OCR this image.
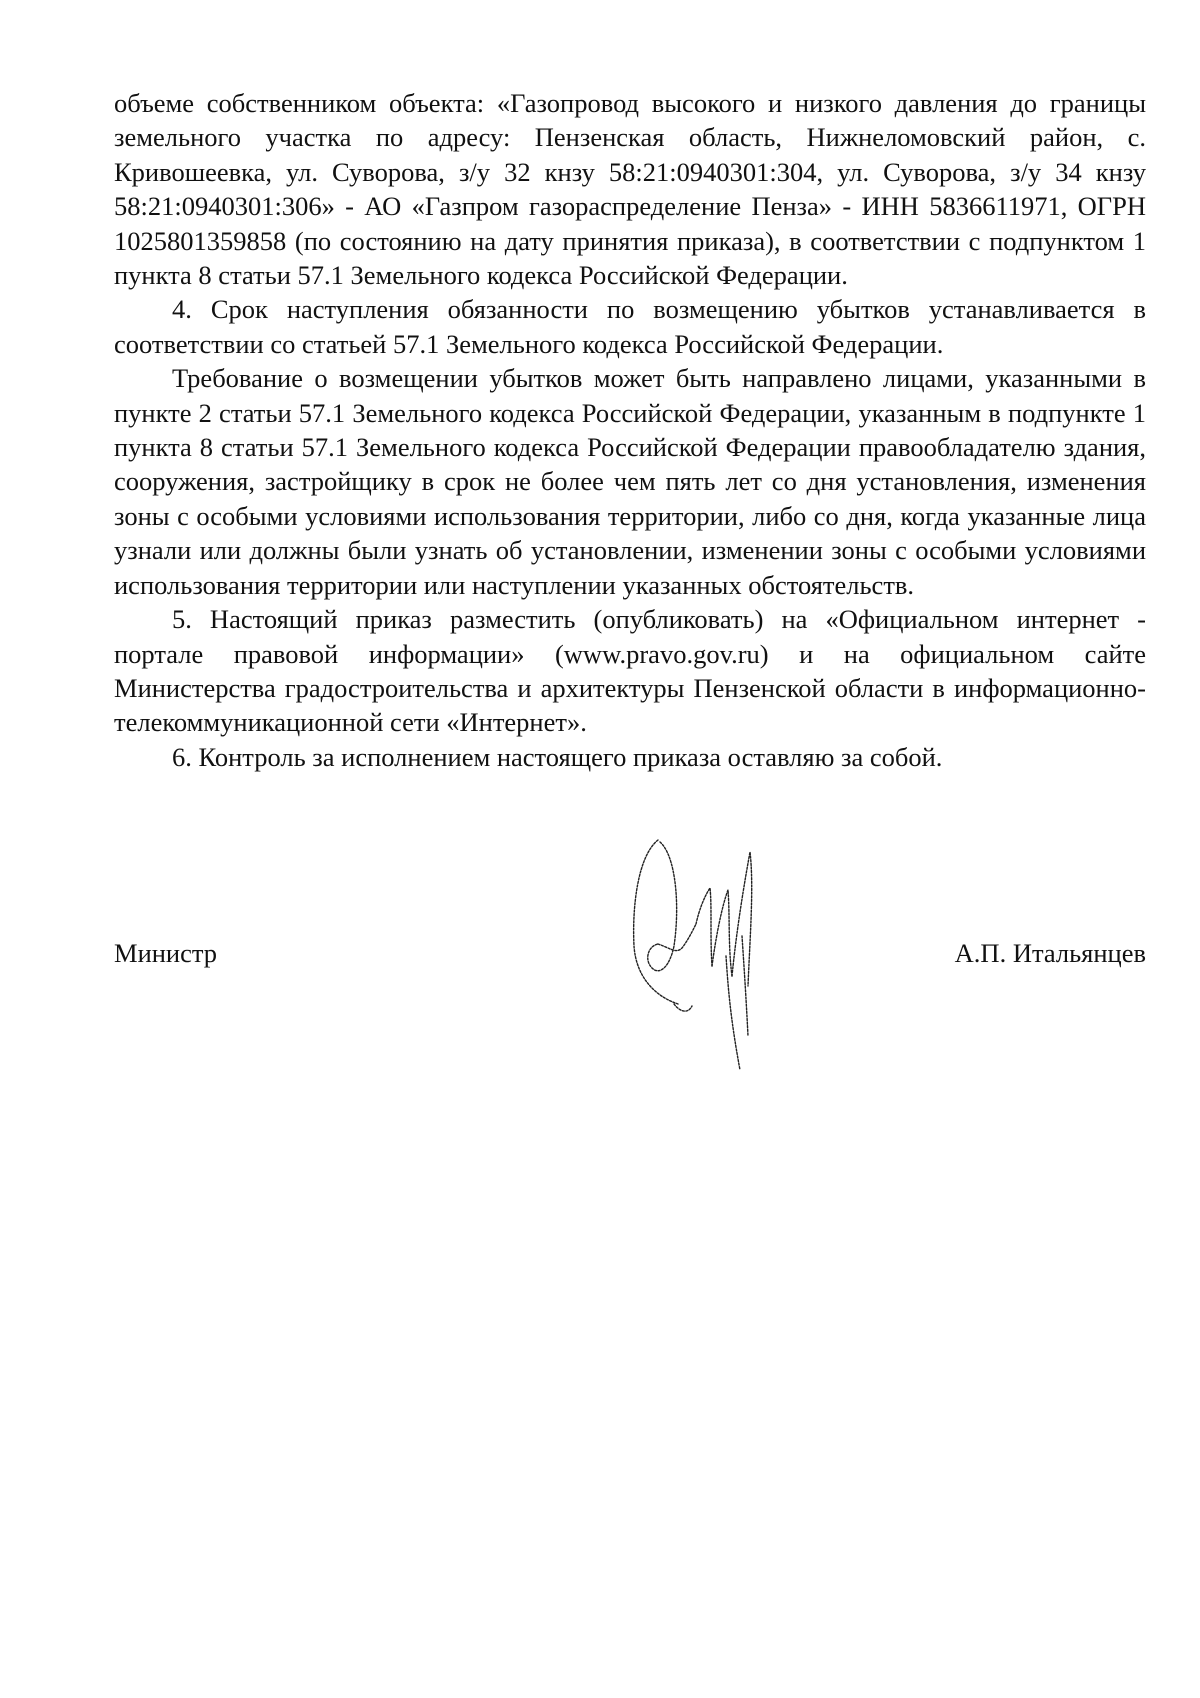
объеме собственником объекта: «Газопровод высокого и низкого давления до границы земельного участка по адресу: Пензенская область, Нижнеломовский район, с. Кривошеевка, ул. Суворова, з/у 32 кнзу 58:21:0940301:304, ул. Суворова, з/у 34 кнзу 58:21:0940301:306» - АО «Газпром газораспределение Пенза» - ИНН 5836611971, ОГРН 1025801359858 (по состоянию на дату принятия приказа), в соответствии с подпунктом 1 пункта 8 статьи 57.1 Земельного кодекса Российской Федерации.

4. Срок наступления обязанности по возмещению убытков устанавливается в соответствии со статьей 57.1 Земельного кодекса Российской Федерации.

Требование о возмещении убытков может быть направлено лицами, указанными в пункте 2 статьи 57.1 Земельного кодекса Российской Федерации, указанным в подпункте 1 пункта 8 статьи 57.1 Земельного кодекса Российской Федерации правообладателю здания, сооружения, застройщику в срок не более чем пять лет со дня установления, изменения зоны с особыми условиями использования территории, либо со дня, когда указанные лица узнали или должны были узнать об установлении, изменении зоны с особыми условиями использования территории или наступлении указанных обстоятельств.

5. Настоящий приказ разместить (опубликовать) на «Официальном интернет - портале правовой информации» (www.pravo.gov.ru) и на официальном сайте Министерства градостроительства и архитектуры Пензенской области в информационно-телекоммуникационной сети «Интернет».

6. Контроль за исполнением настоящего приказа оставляю за собой.

Министр	А.П. Итальянцев
